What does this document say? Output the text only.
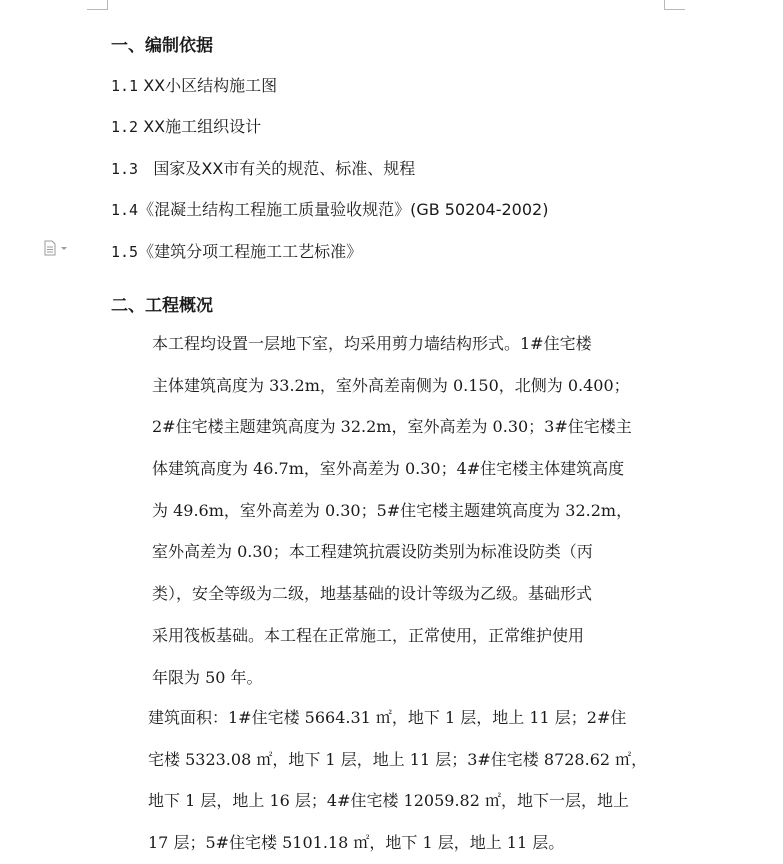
一、编制依据
1.1 XX小区结构施工图
1.2 XX施工组织设计
1.3   国家及XX市有关的规范、标准、规程
1.4《混凝土结构工程施工质量验收规范》(GB 50204-2002)
1.5《建筑分项工程施工工艺标准》
二、工程概况
本工程均设置一层地下室，均采用剪力墙结构形式。1#住宅楼
主体建筑高度为 33.2m，室外高差南侧为 0.150，北侧为 0.400；
2#住宅楼主题建筑高度为 32.2m，室外高差为 0.30；3#住宅楼主
体建筑高度为 46.7m，室外高差为 0.30；4#住宅楼主体建筑高度
为 49.6m，室外高差为 0.30；5#住宅楼主题建筑高度为 32.2m，
室外高差为 0.30；本工程建筑抗震设防类别为标准设防类（丙
类），安全等级为二级，地基基础的设计等级为乙级。基础形式
采用筏板基础。本工程在正常施工，正常使用，正常维护使用
年限为 50 年。
建筑面积：1#住宅楼 5664.31 ㎡，地下 1 层，地上 11 层；2#住
宅楼 5323.08 ㎡，地下 1 层，地上 11 层；3#住宅楼 8728.62 ㎡，
地下 1 层，地上 16 层；4#住宅楼 12059.82 ㎡，地下一层，地上
17 层；5#住宅楼 5101.18 ㎡，地下 1 层，地上 11 层。
